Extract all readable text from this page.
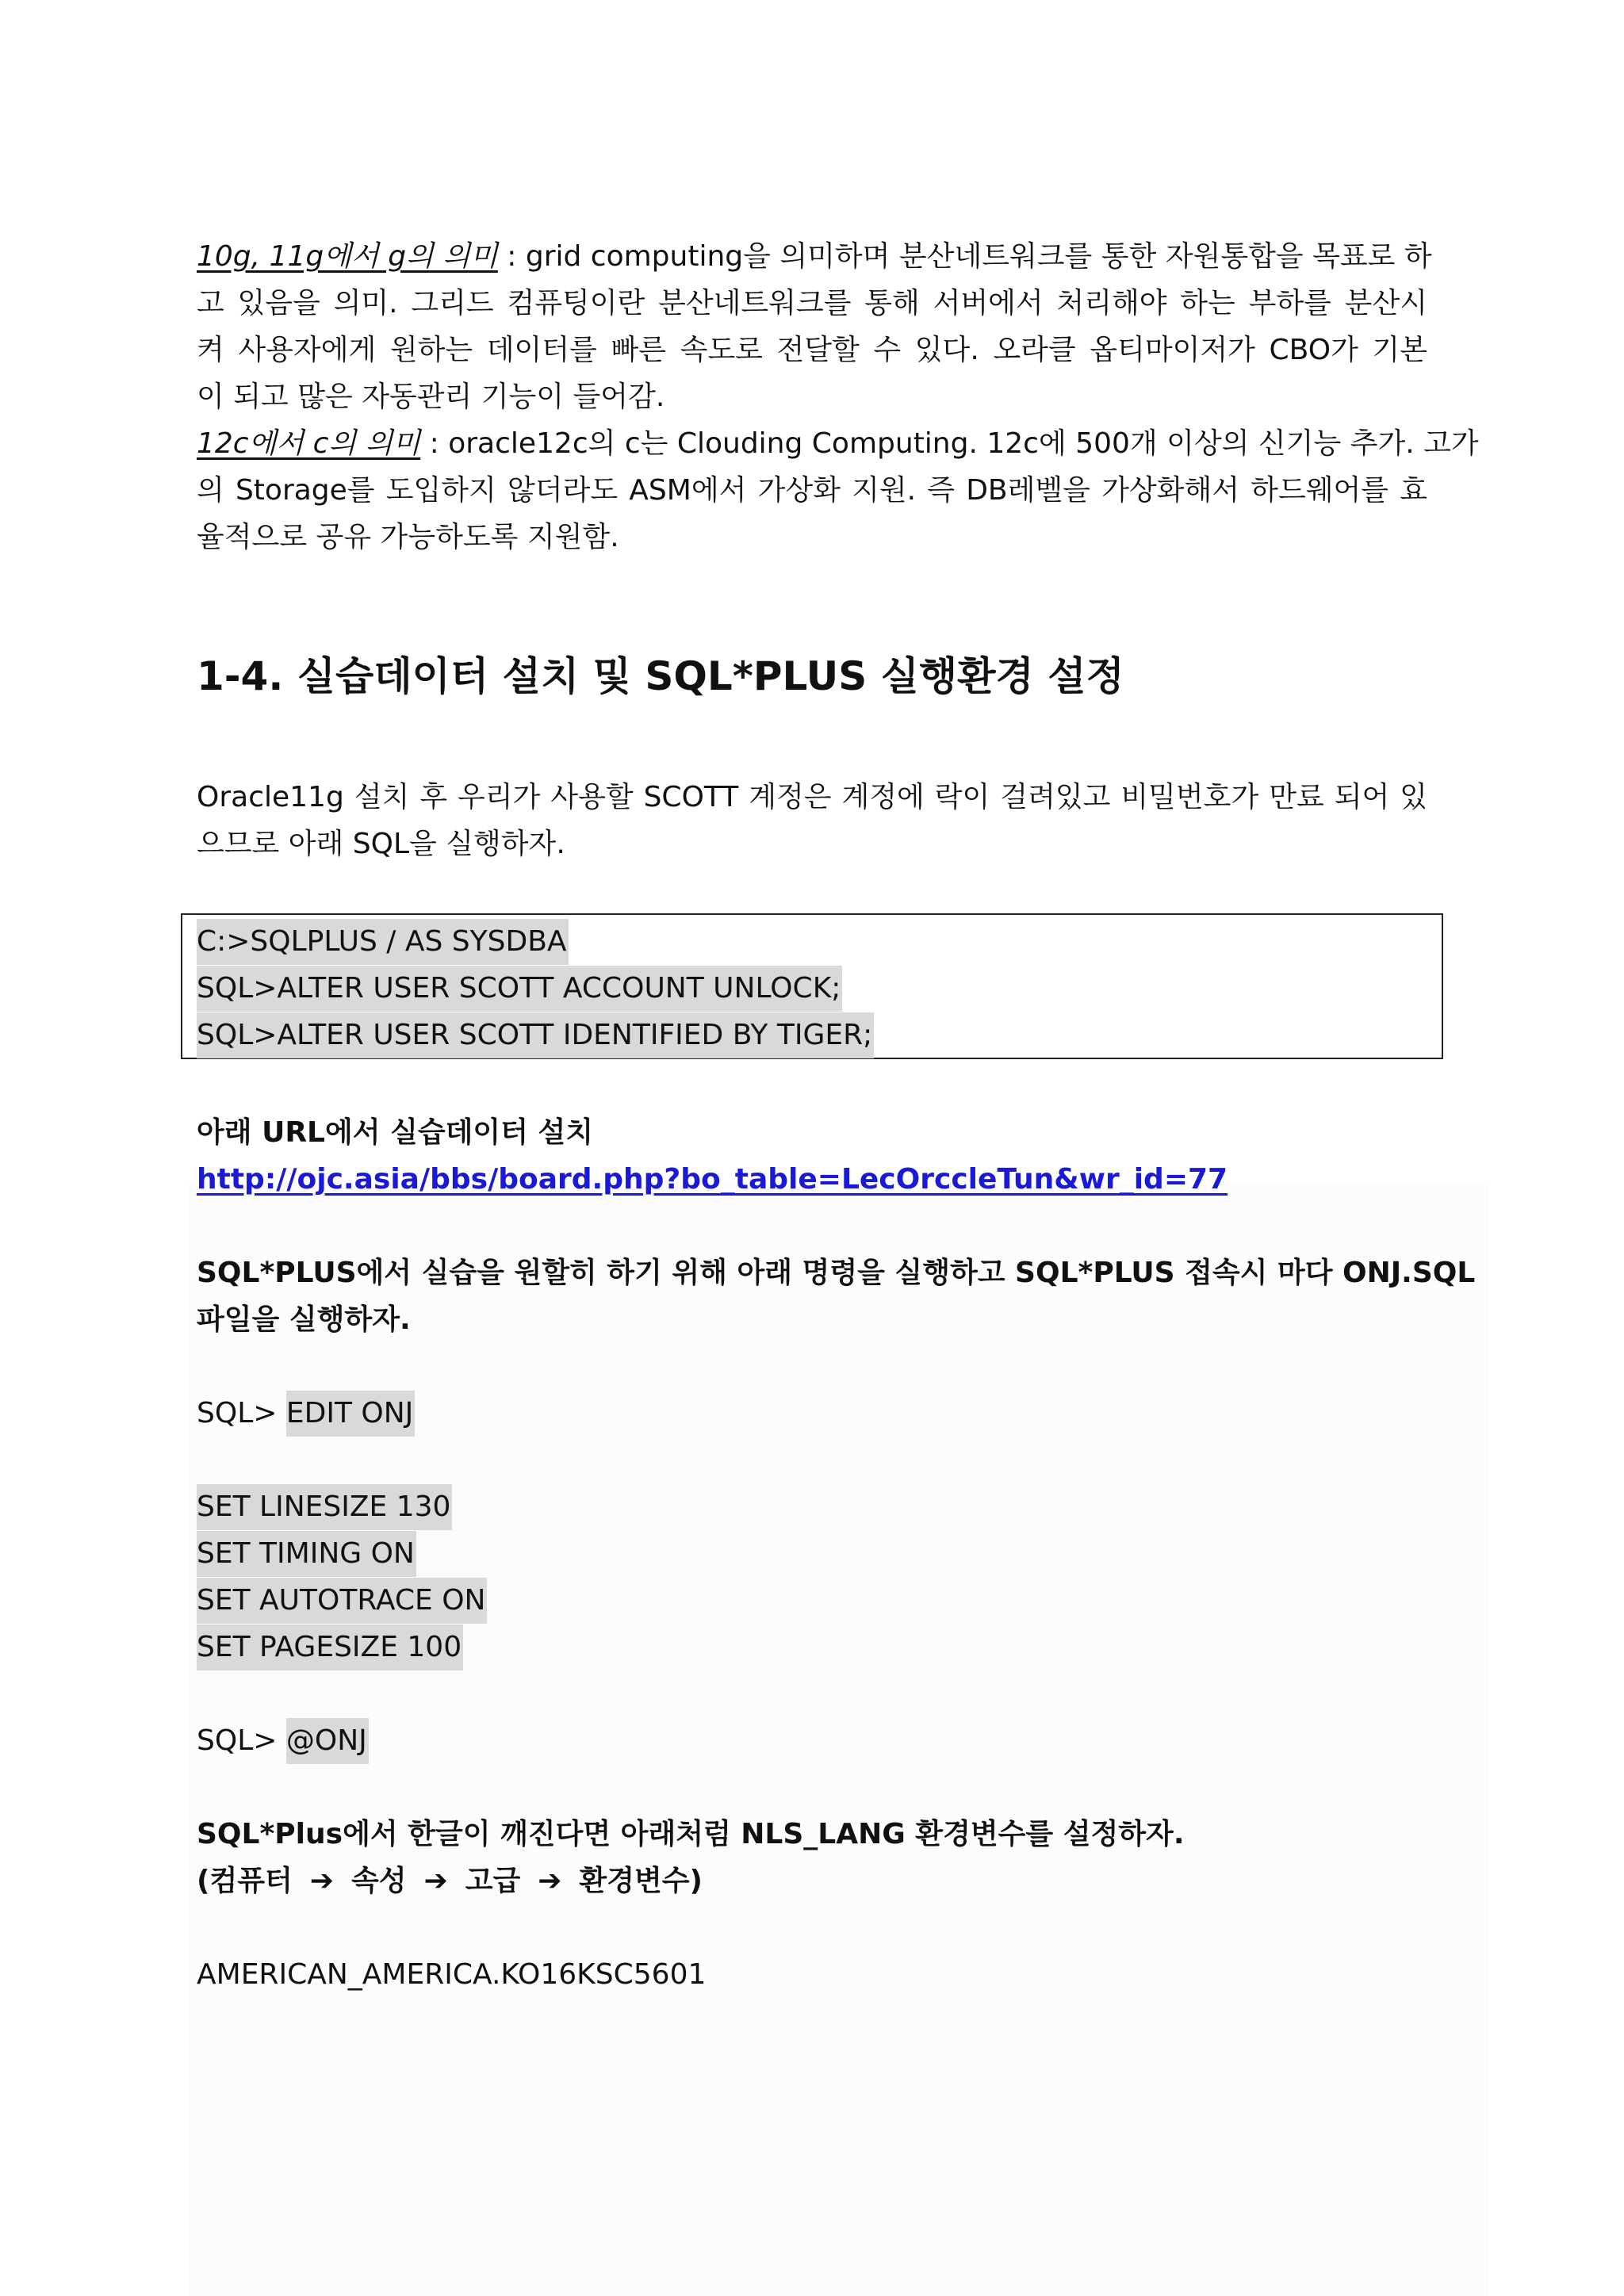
10g, 11g에서 g의 의미 : grid computing을 의미하며 분산네트워크를 통한 자원통합을 목표로 하
고 있음을 의미. 그리드 컴퓨팅이란 분산네트워크를 통해 서버에서 처리해야 하는 부하를 분산시
켜 사용자에게 원하는 데이터를 빠른 속도로 전달할 수 있다. 오라클 옵티마이저가 CBO가 기본
이 되고 많은 자동관리 기능이 들어감.
12c에서 c의 의미 : oracle12c의 c는 Clouding Computing. 12c에 500개 이상의 신기능 추가. 고가
의 Storage를 도입하지 않더라도 ASM에서 가상화 지원. 즉 DB레벨을 가상화해서 하드웨어를 효
율적으로 공유 가능하도록 지원함.
1-4. 실습데이터 설치 및 SQL*PLUS 실행환경 설정
Oracle11g 설치 후 우리가 사용할 SCOTT 계정은 계정에 락이 걸려있고 비밀번호가 만료 되어 있
으므로 아래 SQL을 실행하자.
C:>SQLPLUS / AS SYSDBA
SQL>ALTER USER SCOTT ACCOUNT UNLOCK;
SQL>ALTER USER SCOTT IDENTIFIED BY TIGER;
아래 URL에서 실습데이터 설치
http://ojc.asia/bbs/board.php?bo_table=LecOrccleTun&wr_id=77
SQL*PLUS에서 실습을 원할히 하기 위해 아래 명령을 실행하고 SQL*PLUS 접속시 마다 ONJ.SQL
파일을 실행하자.
SQL> EDIT ONJ
SET LINESIZE 130
SET TIMING ON
SET AUTOTRACE ON
SET PAGESIZE 100
SQL> @ONJ
SQL*Plus에서 한글이 깨진다면 아래처럼 NLS_LANG 환경변수를 설정하자.
(컴퓨터 ➔ 속성 ➔ 고급 ➔ 환경변수)
AMERICAN_AMERICA.KO16KSC5601
